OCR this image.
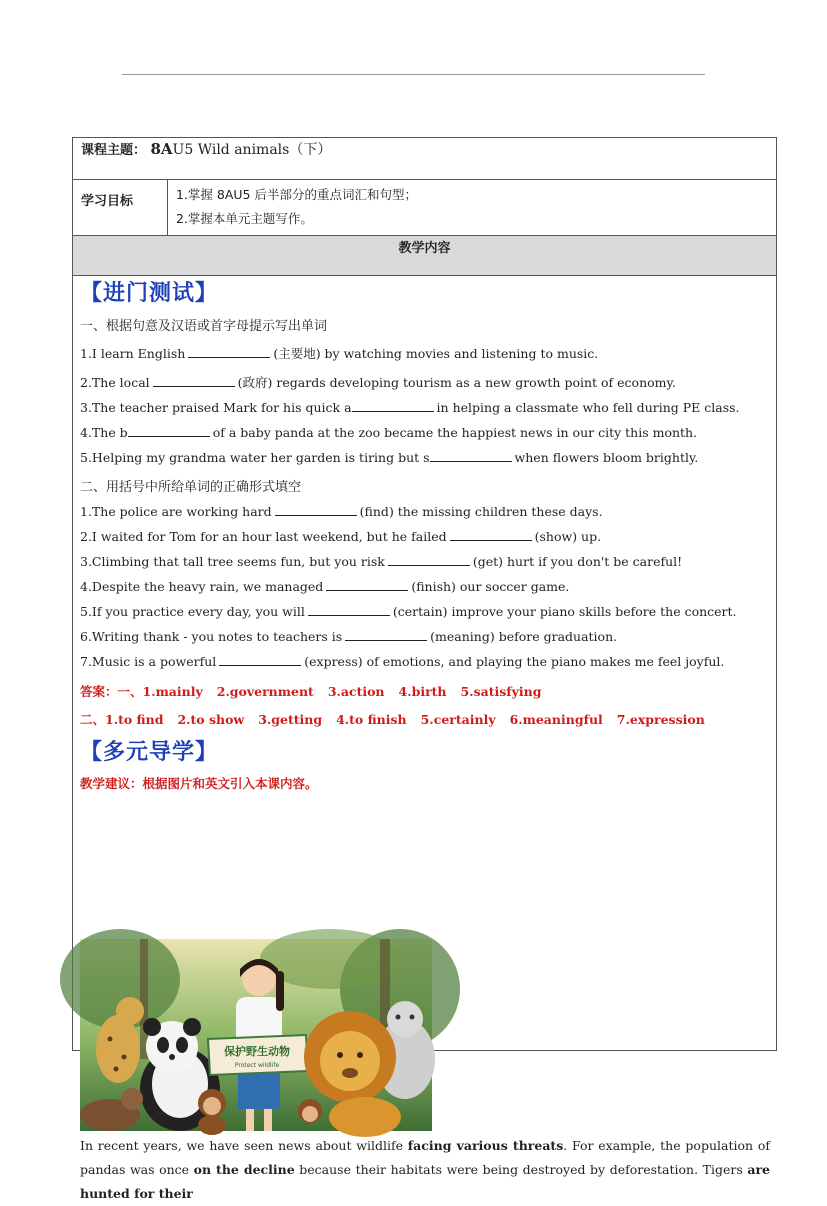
课程主题： 8AU5 Wild animals（下）
学习目标	1.掌握 8AU5 后半部分的重点词汇和句型；
2.掌握本单元主题写作。
教学内容
【进门测试】
一、根据句意及汉语或首字母提示写出单词
1.I learn English	(主要地) by watching movies and listening to music.
2.The local	(政府) regards developing tourism as a new growth point of economy.
3.The teacher praised Mark for his quick a	in helping a classmate who fell during PE class.
4.The b	of a baby panda at the zoo became the happiest news in our city this month.
5.Helping my grandma water her garden is tiring but s	when flowers bloom brightly.
二、用括号中所给单词的正确形式填空
1.The police are working hard	(find) the missing children these days.
2.I waited for Tom for an hour last weekend, but he failed	(show) up.
3.Climbing that tall tree seems fun, but you risk	(get) hurt if you don't be careful!
4.Despite the heavy rain, we managed	(finish) our soccer game.
5.If you practice every day, you will	(certain) improve your piano skills before the concert.
6.Writing thank - you notes to teachers is	(meaning) before graduation.
7.Music is a powerful	(express) of emotions, and playing the piano makes me feel joyful.
答案：一、1.mainly 2.government 3.action 4.birth 5.satisfying
二、1.to find 2.to show 3.getting 4.to finish 5.certainly 6.meaningful 7.expression
【多元导学】
教学建议：根据图片和英文引入本课内容。
保护野生动物
Protect wildlife
In recent years, we have seen news about wildlife facing various threats. For example, the population of pandas was once on the decline because their habitats were being destroyed by deforestation. Tigers are hunted for their
